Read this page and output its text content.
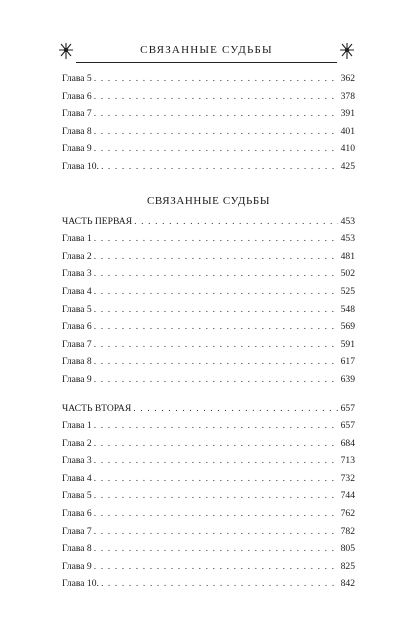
СВЯЗАННЫЕ СУДЬБЫ
Глава 5 . . .	362
Глава 6 . . .	378
Глава 7 . . .	391
Глава 8 . . .	401
Глава 9 . . .	410
Глава 10. . . .	425
СВЯЗАННЫЕ СУДЬБЫ
ЧАСТЬ ПЕРВАЯ . . .	453
Глава 1 . . .	453
Глава 2 . . .	481
Глава 3 . . .	502
Глава 4 . . .	525
Глава 5 . . .	548
Глава 6 . . .	569
Глава 7 . . .	591
Глава 8 . . .	617
Глава 9 . . .	639
ЧАСТЬ ВТОРАЯ . . .	657
Глава 1 . . .	657
Глава 2 . . .	684
Глава 3 . . .	713
Глава 4 . . .	732
Глава 5 . . .	744
Глава 6 . . .	762
Глава 7 . . .	782
Глава 8 . . .	805
Глава 9 . . .	825
Глава 10. . . .	842
